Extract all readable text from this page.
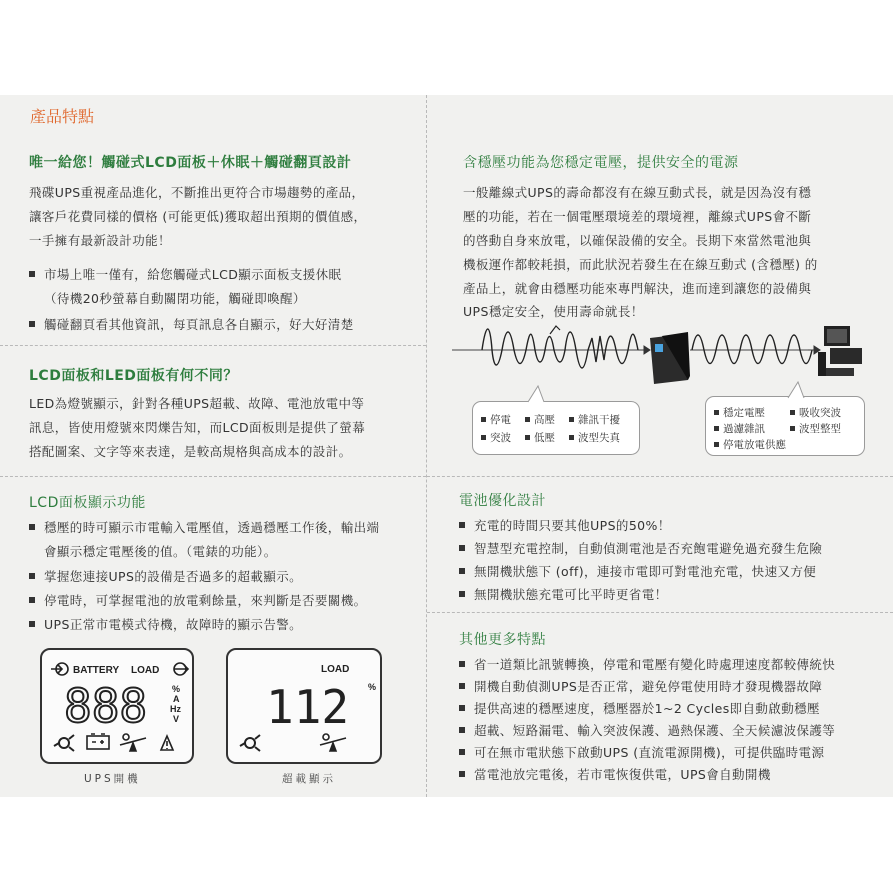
產品特點
唯一給您！觸碰式LCD面板＋休眠＋觸碰翻頁設計
飛碟UPS重視產品進化，不斷推出更符合市場趨勢的產品，
讓客戶花費同樣的價格 (可能更低)獲取超出預期的價值感，
一手擁有最新設計功能！
市場上唯一僅有，給您觸碰式LCD顯示面板支援休眠
（待機20秒螢幕自動關閉功能，觸碰即喚醒）
觸碰翻頁看其他資訊，每頁訊息各自顯示，好大好清楚
LCD面板和LED面板有何不同？
LED為燈號顯示，針對各種UPS超載、故障、電池放電中等
訊息，皆使用燈號來閃爍告知，而LCD面板則是提供了螢幕
搭配圖案、文字等來表達，是較高規格與高成本的設計。
LCD面板顯示功能
穩壓的時可顯示市電輸入電壓值，透過穩壓工作後，輸出端
會顯示穩定電壓後的值。（電錶的功能）。
掌握您連接UPS的設備是否過多的超載顯示。
停電時，可掌握電池的放電剩餘量，來判斷是否要關機。
UPS正常市電模式待機，故障時的顯示告警。
BATTERY LOAD
888	%
A
Hz
V
UPS開機
LOAD
112 %
超載顯示
含穩壓功能為您穩定電壓，提供安全的電源
一般離線式UPS的壽命都沒有在線互動式長，就是因為沒有穩
壓的功能，若在一個電壓環境差的環境裡，離線式UPS會不斷
的啓動自身來放電，以確保設備的安全。長期下來當然電池與
機板運作都較耗損，而此狀況若發生在在線互動式 (含穩壓) 的
產品上，就會由穩壓功能來專門解決，進而達到讓您的設備與
UPS穩定安全，使用壽命就長！
停電	高壓	雜訊干擾
突波	低壓	波型失真
穩定電壓	吸收突波
過濾雜訊	波型整型
停電放電供應
電池優化設計
充電的時間只要其他UPS的50%！
智慧型充電控制，自動偵測電池是否充飽電避免過充發生危險
無開機狀態下 (off)，連接市電即可對電池充電，快速又方便
無開機狀態充電可比平時更省電！
其他更多特點
省一道類比訊號轉換，停電和電壓有變化時處理速度都較傳統快
開機自動偵測UPS是否正常，避免停電使用時才發現機器故障
提供高速的穩壓速度，穩壓器於1~2 Cycles即自動啟動穩壓
超載、短路漏電、輸入突波保護、過熱保護、全天候濾波保護等
可在無市電狀態下啟動UPS (直流電源開機)，可提供臨時電源
當電池放完電後，若市電恢復供電，UPS會自動開機
